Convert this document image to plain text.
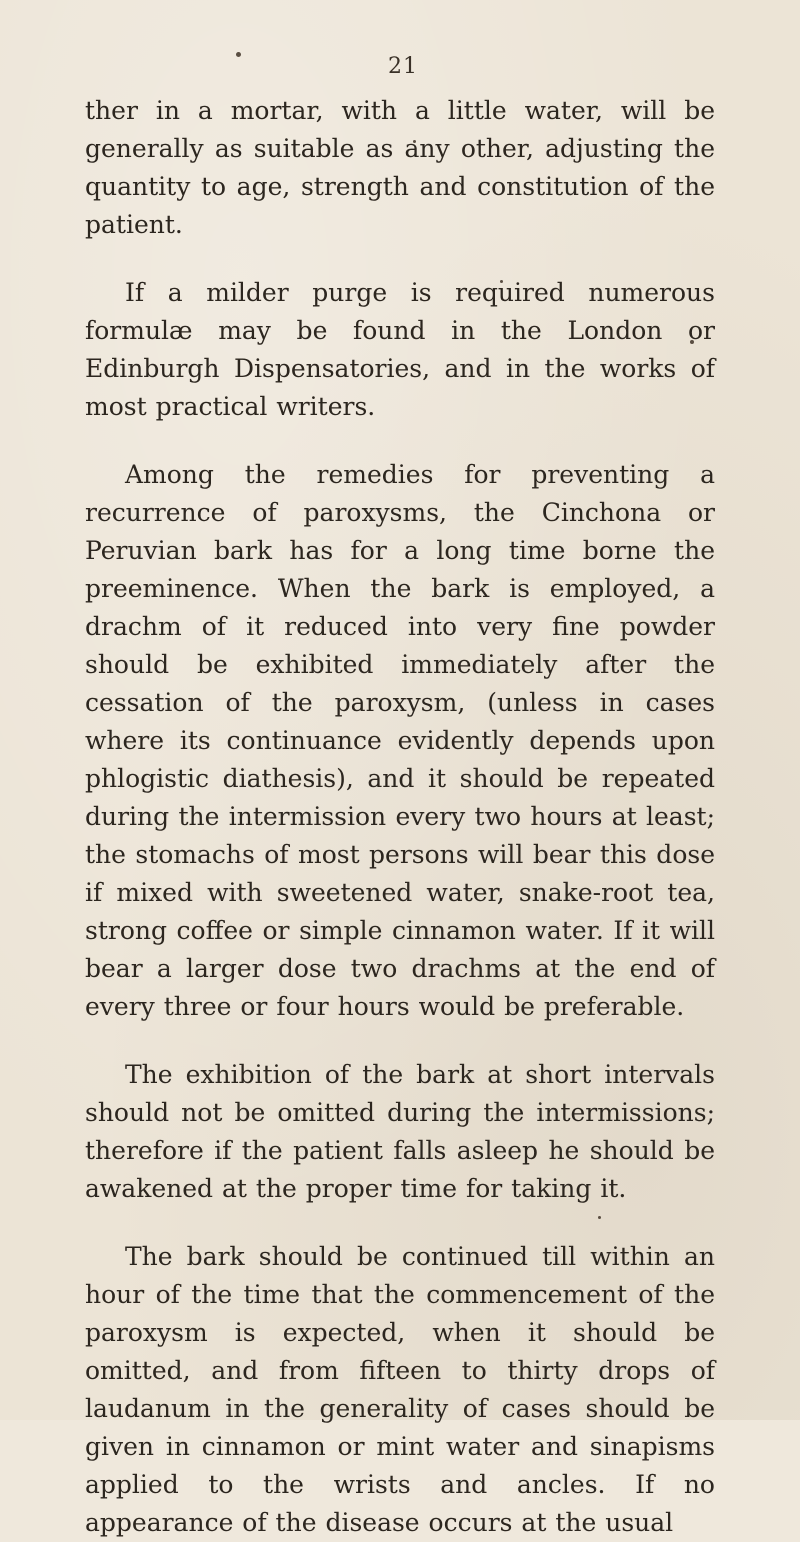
21

ther in a mortar, with a little water, will be generally as suitable as any other, adjusting the quantity to age, strength and constitution of the patient.

If a milder purge is required numerous formulæ may be found in the London or Edinburgh Dispensatories, and in the works of most practical writers.

Among the remedies for preventing a recurrence of paroxysms, the Cinchona or Peruvian bark has for a long time borne the preeminence. When the bark is employed, a drachm of it reduced into very fine powder should be exhibited immediately after the cessation of the paroxysm, (unless in cases where its continuance evidently depends upon phlogistic diathesis), and it should be repeated during the intermission every two hours at least; the stomachs of most persons will bear this dose if mixed with sweetened water, snake-root tea, strong coffee or simple cinnamon water. If it will bear a larger dose two drachms at the end of every three or four hours would be preferable.

The exhibition of the bark at short intervals should not be omitted during the intermissions; therefore if the patient falls asleep he should be awakened at the proper time for taking it.

The bark should be continued till within an hour of the time that the commencement of the paroxysm is expected, when it should be omitted, and from fifteen to thirty drops of laudanum in the generality of cases should be given in cinnamon or mint water and sinapisms applied to the wrists and ancles. If no appearance of the disease occurs at the usual
